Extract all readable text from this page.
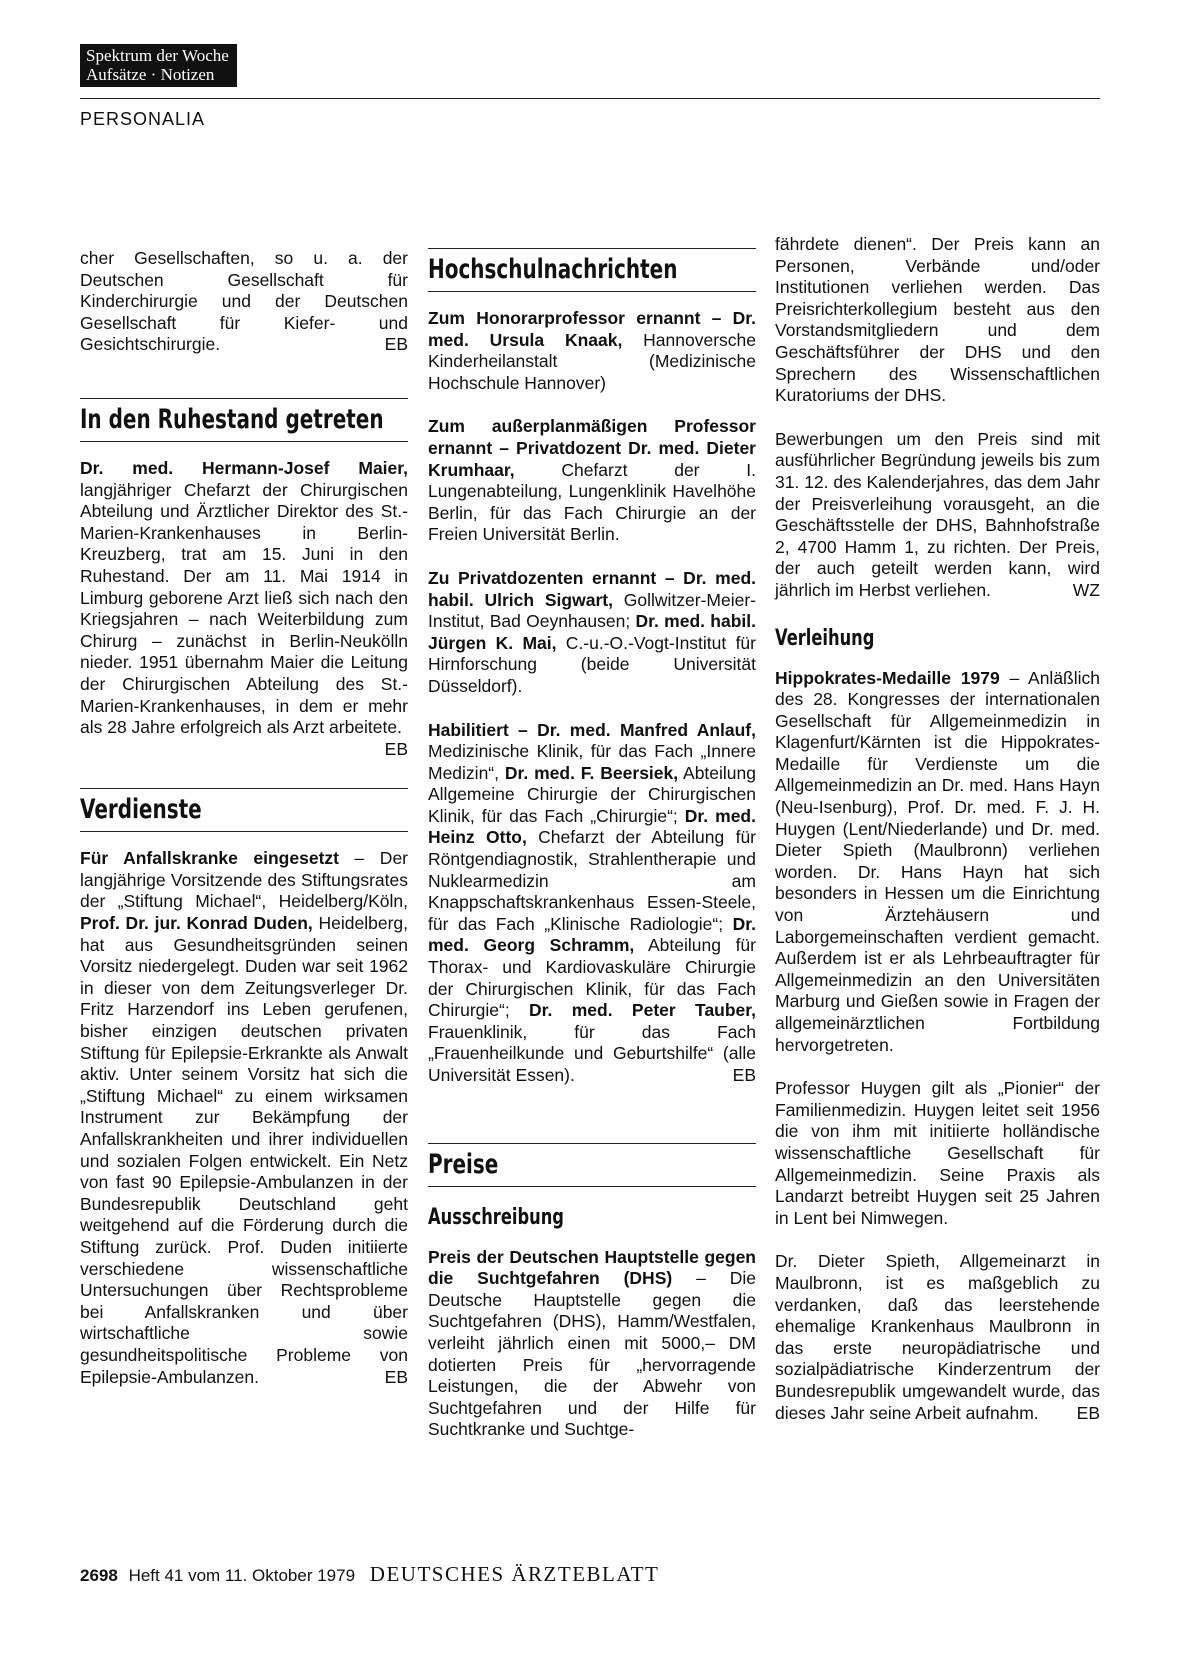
Spektrum der Woche
Aufsätze · Notizen
PERSONALIA

cher Gesellschaften, so u. a. der Deutschen Gesellschaft für Kinderchirurgie und der Deutschen Gesellschaft für Kiefer- und Gesichtschirurgie.	EB

In den Ruhestand getreten

Dr. med. Hermann-Josef Maier, langjähriger Chefarzt der Chirurgischen Abteilung und Ärztlicher Direktor des St.-Marien-Krankenhauses in Berlin-Kreuzberg, trat am 15. Juni in den Ruhestand. Der am 11. Mai 1914 in Limburg geborene Arzt ließ sich nach den Kriegsjahren – nach Weiterbildung zum Chirurg – zunächst in Berlin-Neukölln nieder. 1951 übernahm Maier die Leitung der Chirurgischen Abteilung des St.-Marien-Krankenhauses, in dem er mehr als 28 Jahre erfolgreich als Arzt arbeitete.
EB

Verdienste

Für Anfallskranke eingesetzt – Der langjährige Vorsitzende des Stiftungsrates der „Stiftung Michael“, Heidelberg/Köln, Prof. Dr. jur. Konrad Duden, Heidelberg, hat aus Gesundheitsgründen seinen Vorsitz niedergelegt. Duden war seit 1962 in dieser von dem Zeitungsverleger Dr. Fritz Harzendorf ins Leben gerufenen, bisher einzigen deutschen privaten Stiftung für Epilepsie-Erkrankte als Anwalt aktiv. Unter seinem Vorsitz hat sich die „Stiftung Michael“ zu einem wirksamen Instrument zur Bekämpfung der Anfallskrankheiten und ihrer individuellen und sozialen Folgen entwickelt. Ein Netz von fast 90 Epilepsie-Ambulanzen in der Bundesrepublik Deutschland geht weitgehend auf die Förderung durch die Stiftung zurück. Prof. Duden initiierte verschiedene wissenschaftliche Untersuchungen über Rechtsprobleme bei Anfallskranken und über wirtschaftliche sowie gesundheitspolitische Probleme von Epilepsie-Ambulanzen.	EB

Hochschulnachrichten

Zum Honorarprofessor ernannt – Dr. med. Ursula Knaak, Hannoversche Kinderheilanstalt (Medizinische Hochschule Hannover)

Zum außerplanmäßigen Professor ernannt – Privatdozent Dr. med. Dieter Krumhaar, Chefarzt der I. Lungenabteilung, Lungenklinik Havelhöhe Berlin, für das Fach Chirurgie an der Freien Universität Berlin.

Zu Privatdozenten ernannt – Dr. med. habil. Ulrich Sigwart, Gollwitzer-Meier-Institut, Bad Oeynhausen; Dr. med. habil. Jürgen K. Mai, C.-u.-O.-Vogt-Institut für Hirnforschung (beide Universität Düsseldorf).

Habilitiert – Dr. med. Manfred Anlauf, Medizinische Klinik, für das Fach „Innere Medizin“, Dr. med. F. Beersiek, Abteilung Allgemeine Chirurgie der Chirurgischen Klinik, für das Fach „Chirurgie“; Dr. med. Heinz Otto, Chefarzt der Abteilung für Röntgendiagnostik, Strahlentherapie und Nuklearmedizin am Knappschaftskrankenhaus Essen-Steele, für das Fach „Klinische Radiologie“; Dr. med. Georg Schramm, Abteilung für Thorax- und Kardiovaskuläre Chirurgie der Chirurgischen Klinik, für das Fach Chirurgie“; Dr. med. Peter Tauber, Frauenklinik, für das Fach „Frauenheilkunde und Geburtshilfe“ (alle Universität Essen).	EB

Preise
Ausschreibung

Preis der Deutschen Hauptstelle gegen die Suchtgefahren (DHS) – Die Deutsche Hauptstelle gegen die Suchtgefahren (DHS), Hamm/Westfalen, verleiht jährlich einen mit 5000,– DM dotierten Preis für „hervorragende Leistungen, die der Abwehr von Suchtgefahren und der Hilfe für Suchtkranke und Suchtge-

fährdete dienen“. Der Preis kann an Personen, Verbände und/oder Institutionen verliehen werden. Das Preisrichterkollegium besteht aus den Vorstandsmitgliedern und dem Geschäftsführer der DHS und den Sprechern des Wissenschaftlichen Kuratoriums der DHS.

Bewerbungen um den Preis sind mit ausführlicher Begründung jeweils bis zum 31. 12. des Kalenderjahres, das dem Jahr der Preisverleihung vorausgeht, an die Geschäftsstelle der DHS, Bahnhofstraße 2, 4700 Hamm 1, zu richten. Der Preis, der auch geteilt werden kann, wird jährlich im Herbst verliehen.	WZ

Verleihung

Hippokrates-Medaille 1979 – Anläßlich des 28. Kongresses der internationalen Gesellschaft für Allgemeinmedizin in Klagenfurt/Kärnten ist die Hippokrates-Medaille für Verdienste um die Allgemeinmedizin an Dr. med. Hans Hayn (Neu-Isenburg), Prof. Dr. med. F. J. H. Huygen (Lent/Niederlande) und Dr. med. Dieter Spieth (Maulbronn) verliehen worden. Dr. Hans Hayn hat sich besonders in Hessen um die Einrichtung von Ärztehäusern und Laborgemeinschaften verdient gemacht. Außerdem ist er als Lehrbeauftragter für Allgemeinmedizin an den Universitäten Marburg und Gießen sowie in Fragen der allgemeinärztlichen Fortbildung hervorgetreten.

Professor Huygen gilt als „Pionier“ der Familienmedizin. Huygen leitet seit 1956 die von ihm mit initiierte holländische wissenschaftliche Gesellschaft für Allgemeinmedizin. Seine Praxis als Landarzt betreibt Huygen seit 25 Jahren in Lent bei Nimwegen.

Dr. Dieter Spieth, Allgemeinarzt in Maulbronn, ist es maßgeblich zu verdanken, daß das leerstehende ehemalige Krankenhaus Maulbronn in das erste neuropädiatrische und sozialpädiatrische Kinderzentrum der Bundesrepublik umgewandelt wurde, das dieses Jahr seine Arbeit aufnahm. EB

2698 Heft 41 vom 11. Oktober 1979 DEUTSCHES ÄRZTEBLATT
